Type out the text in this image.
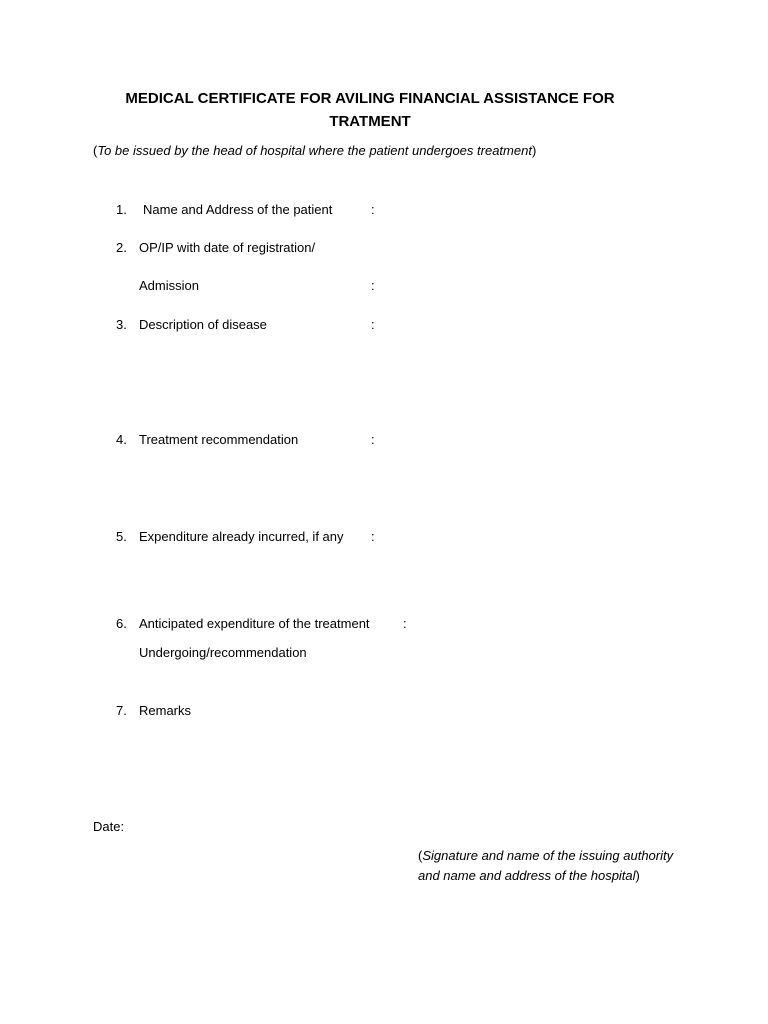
MEDICAL CERTIFICATE FOR AVILING FINANCIAL ASSISTANCE FOR
TRATMENT
(To be issued by the head of hospital where the patient undergoes treatment)
1. Name and Address of the patient	:
2. OP/IP with date of registration/
Admission	:
3. Description of disease	:
4. Treatment recommendation	:
5. Expenditure already incurred, if any :
6. Anticipated expenditure of the treatment	:
Undergoing/recommendation
7. Remarks
Date:
(Signature and name of the issuing authority and name and address of the hospital)
